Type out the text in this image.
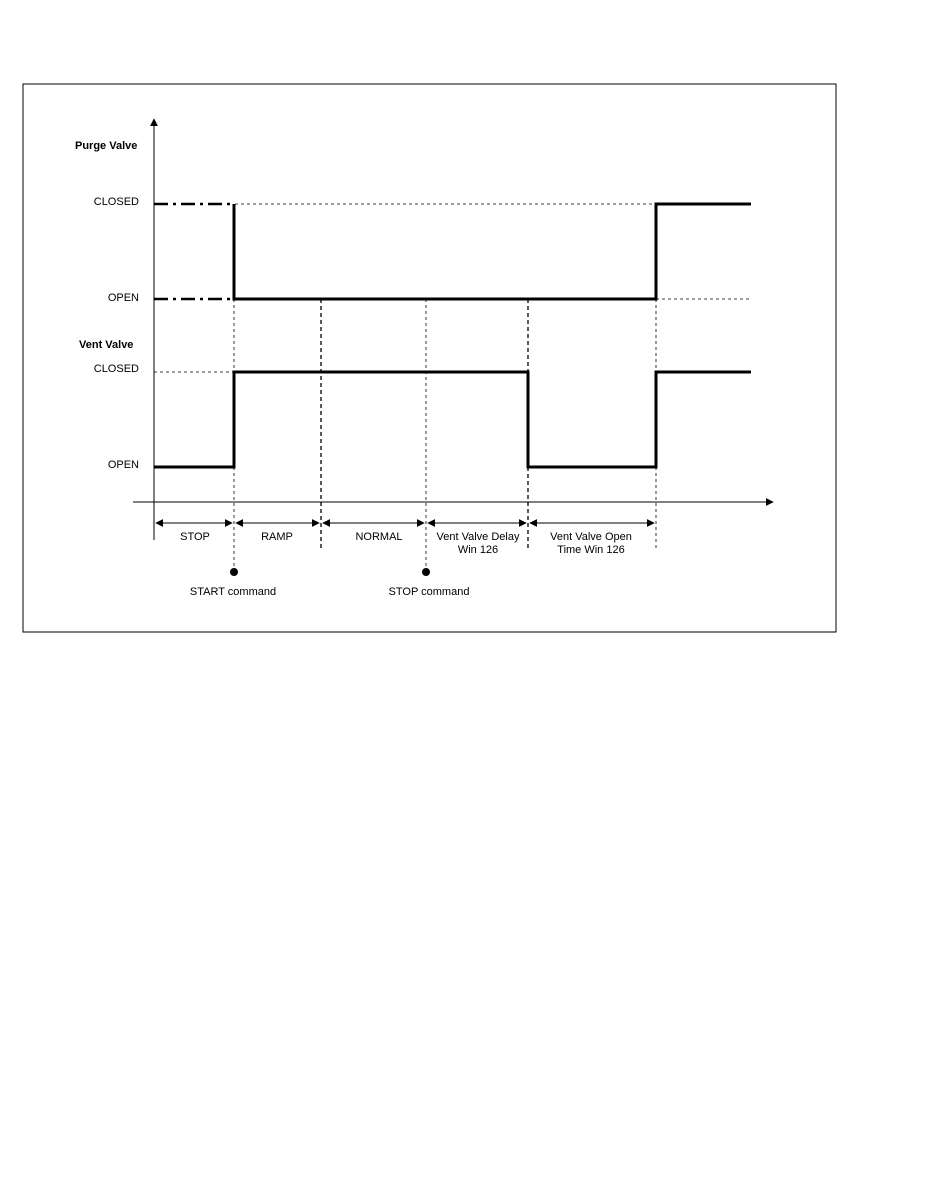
Purge Valve
CLOSED
OPEN
Vent Valve
CLOSED
OPEN
STOP	RAMP	NORMAL	Vent Valve Delay
Win 126
Vent Valve Open
Time Win 126
START command	STOP command
